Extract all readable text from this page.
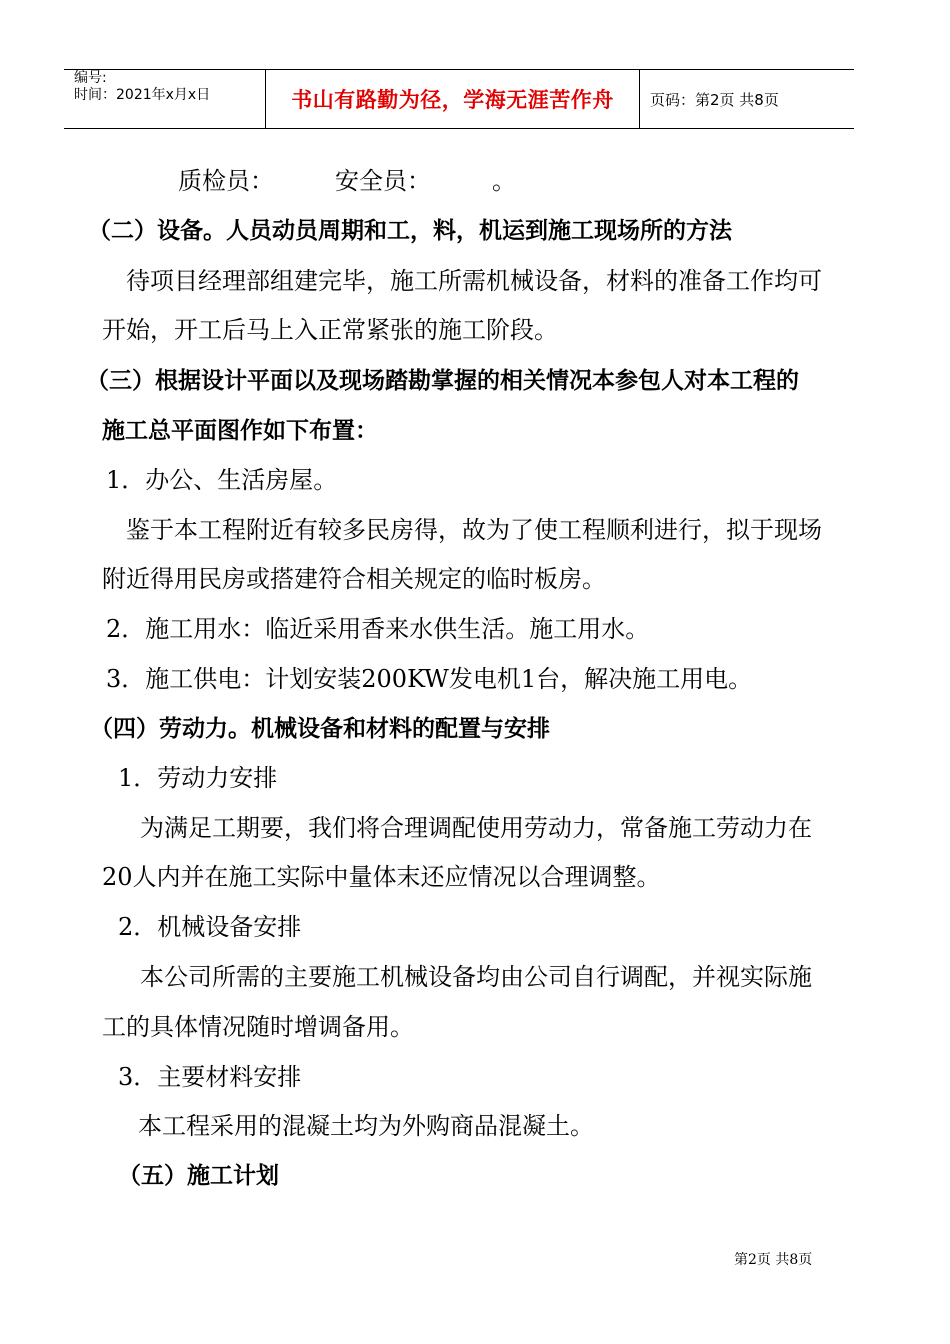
编号:
时间：2021年x月x日	书山有路勤为径，学海无涯苦作舟	页码：第2页 共8页
质检员：        安全员：        。
（二）设备。人员动员周期和工，料，机运到施工现场所的方法
待项目经理部组建完毕，施工所需机械设备，材料的准备工作均可
开始，开工后马上入正常紧张的施工阶段。
（三）根据设计平面以及现场踏勘掌握的相关情况本参包人对本工程的
施工总平面图作如下布置：
1．办公、生活房屋。
鉴于本工程附近有较多民房得，故为了使工程顺利进行，拟于现场
附近得用民房或搭建符合相关规定的临时板房。
2．施工用水：临近采用香来水供生活。施工用水。
3．施工供电：计划安装200KW发电机1台，解决施工用电。
（四）劳动力。机械设备和材料的配置与安排
1．劳动力安排
为满足工期要，我们将合理调配使用劳动力，常备施工劳动力在
20人内并在施工实际中量体末还应情况以合理调整。
2．机械设备安排
本公司所需的主要施工机械设备均由公司自行调配，并视实际施
工的具体情况随时增调备用。
3．主要材料安排
本工程采用的混凝土均为外购商品混凝土。
（五）施工计划
第2页 共8页
